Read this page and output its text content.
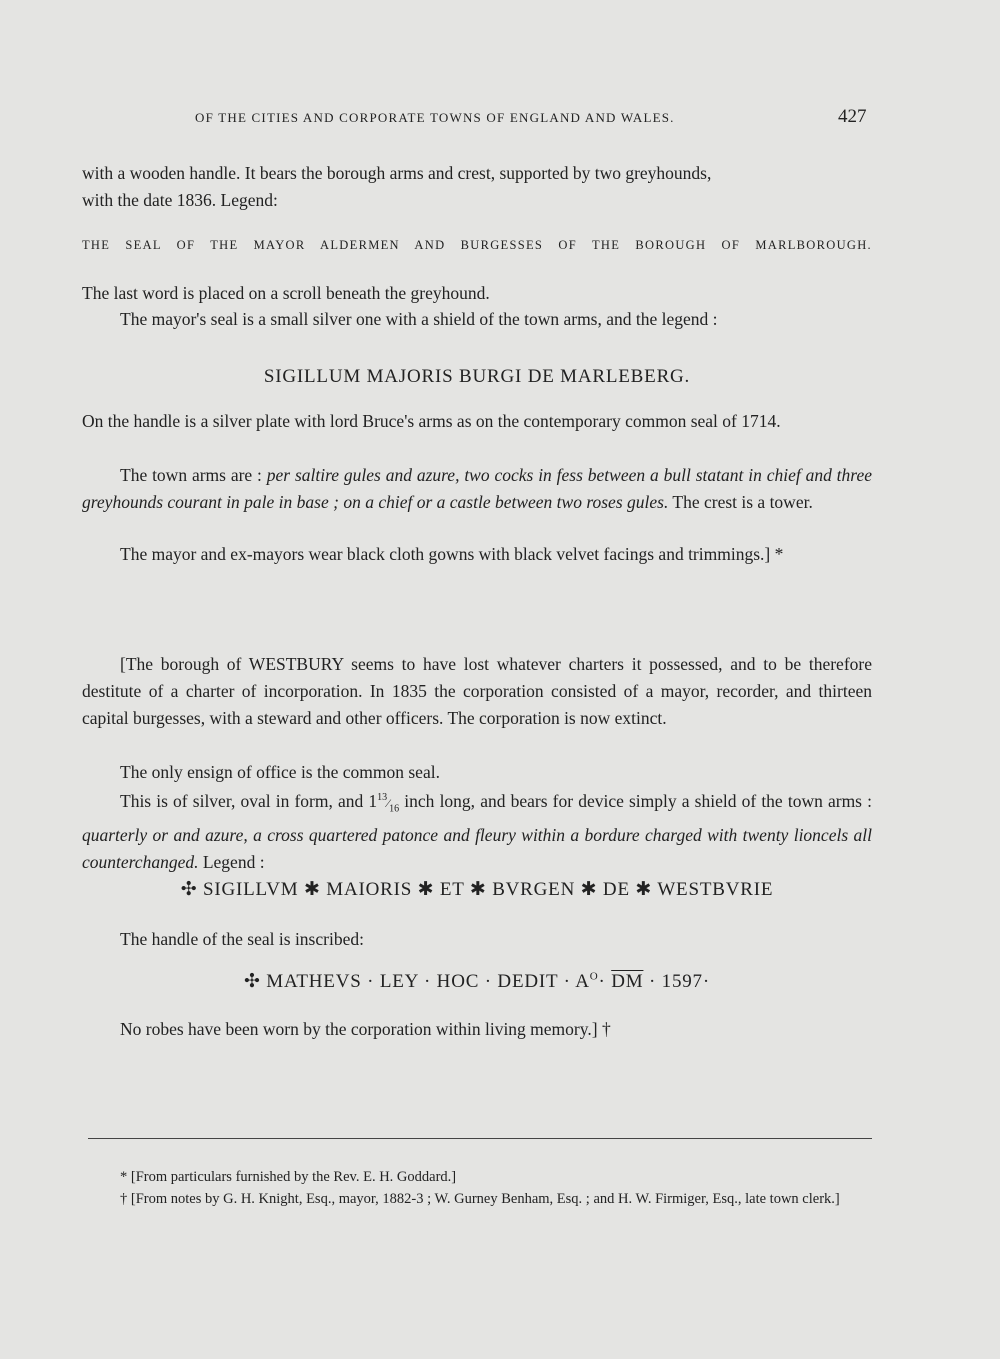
OF THE CITIES AND CORPORATE TOWNS OF ENGLAND AND WALES.	427
with a wooden handle. It bears the borough arms and crest, supported by two greyhounds,
with the date 1836. Legend:
THE SEAL OF THE MAYOR ALDERMEN AND BURGESSES OF THE BOROUGH OF MARLBOROUGH.
The last word is placed on a scroll beneath the greyhound.
The mayor's seal is a small silver one with a shield of the town arms, and the legend :
SIGILLUM MAJORIS BURGI DE MARLEBERG.
On the handle is a silver plate with lord Bruce's arms as on the contemporary common seal of 1714.
The town arms are : per saltire gules and azure, two cocks in fess between a bull statant in chief and three greyhounds courant in pale in base ; on a chief or a castle between two roses gules. The crest is a tower.
The mayor and ex-mayors wear black cloth gowns with black velvet facings and trimmings.] *
[The borough of WESTBURY seems to have lost whatever charters it possessed, and to be therefore destitute of a charter of incorporation. In 1835 the corporation consisted of a mayor, recorder, and thirteen capital burgesses, with a steward and other officers. The corporation is now extinct.
The only ensign of office is the common seal.
This is of silver, oval in form, and $1^{13}⁄_{16}$ inch long, and bears for device simply a shield of the town arms : quarterly or and azure, a cross quartered patonce and fleury within a bordure charged with twenty lioncels all counterchanged. Legend :
✣ SIGILLVM ✱ MAIORIS ✱ ET ✱ BVRGEN ✱ DE ✱ WESTBVRIE
The handle of the seal is inscribed:
✣ MATHEVS · LEY · HOC · DEDIT · $A^O\cdot \overline{DM} \cdot 1597\cdot$
No robes have been worn by the corporation within living memory.] †
* [From particulars furnished by the Rev. E. H. Goddard.]
† [From notes by G. H. Knight, Esq., mayor, 1882-3 ; W. Gurney Benham, Esq. ; and H. W. Firmiger, Esq., late town clerk.]
